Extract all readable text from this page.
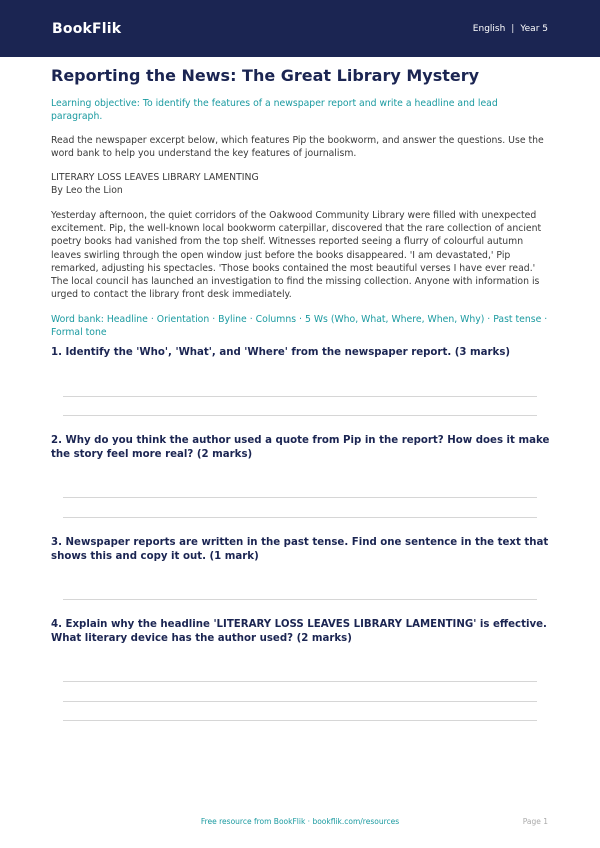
BookFlik	English | Year 5
Reporting the News: The Great Library Mystery

Learning objective: To identify the features of a newspaper report and write a headline and lead paragraph.

Read the newspaper excerpt below, which features Pip the bookworm, and answer the questions. Use the word bank to help you understand the key features of journalism.

LITERARY LOSS LEAVES LIBRARY LAMENTING

By Leo the Lion

Yesterday afternoon, the quiet corridors of the Oakwood Community Library were filled with unexpected excitement. Pip, the well-known local bookworm caterpillar, discovered that the rare collection of ancient poetry books had vanished from the top shelf. Witnesses reported seeing a flurry of colourful autumn leaves swirling through the open window just before the books disappeared. 'I am devastated,' Pip remarked, adjusting his spectacles. 'Those books contained the most beautiful verses I have ever read.' The local council has launched an investigation to find the missing collection. Anyone with information is urged to contact the library front desk immediately.

Word bank: Headline · Orientation · Byline · Columns · 5 Ws (Who, What, Where, When, Why) · Past tense · Formal tone

1. Identify the 'Who', 'What', and 'Where' from the newspaper report. (3 marks)

2. Why do you think the author used a quote from Pip in the report? How does it make the story feel more real? (2 marks)

3. Newspaper reports are written in the past tense. Find one sentence in the text that shows this and copy it out. (1 mark)

4. Explain why the headline 'LITERARY LOSS LEAVES LIBRARY LAMENTING' is effective. What literary device has the author used? (2 marks)

Free resource from BookFlik · bookflik.com/resources	Page 1
